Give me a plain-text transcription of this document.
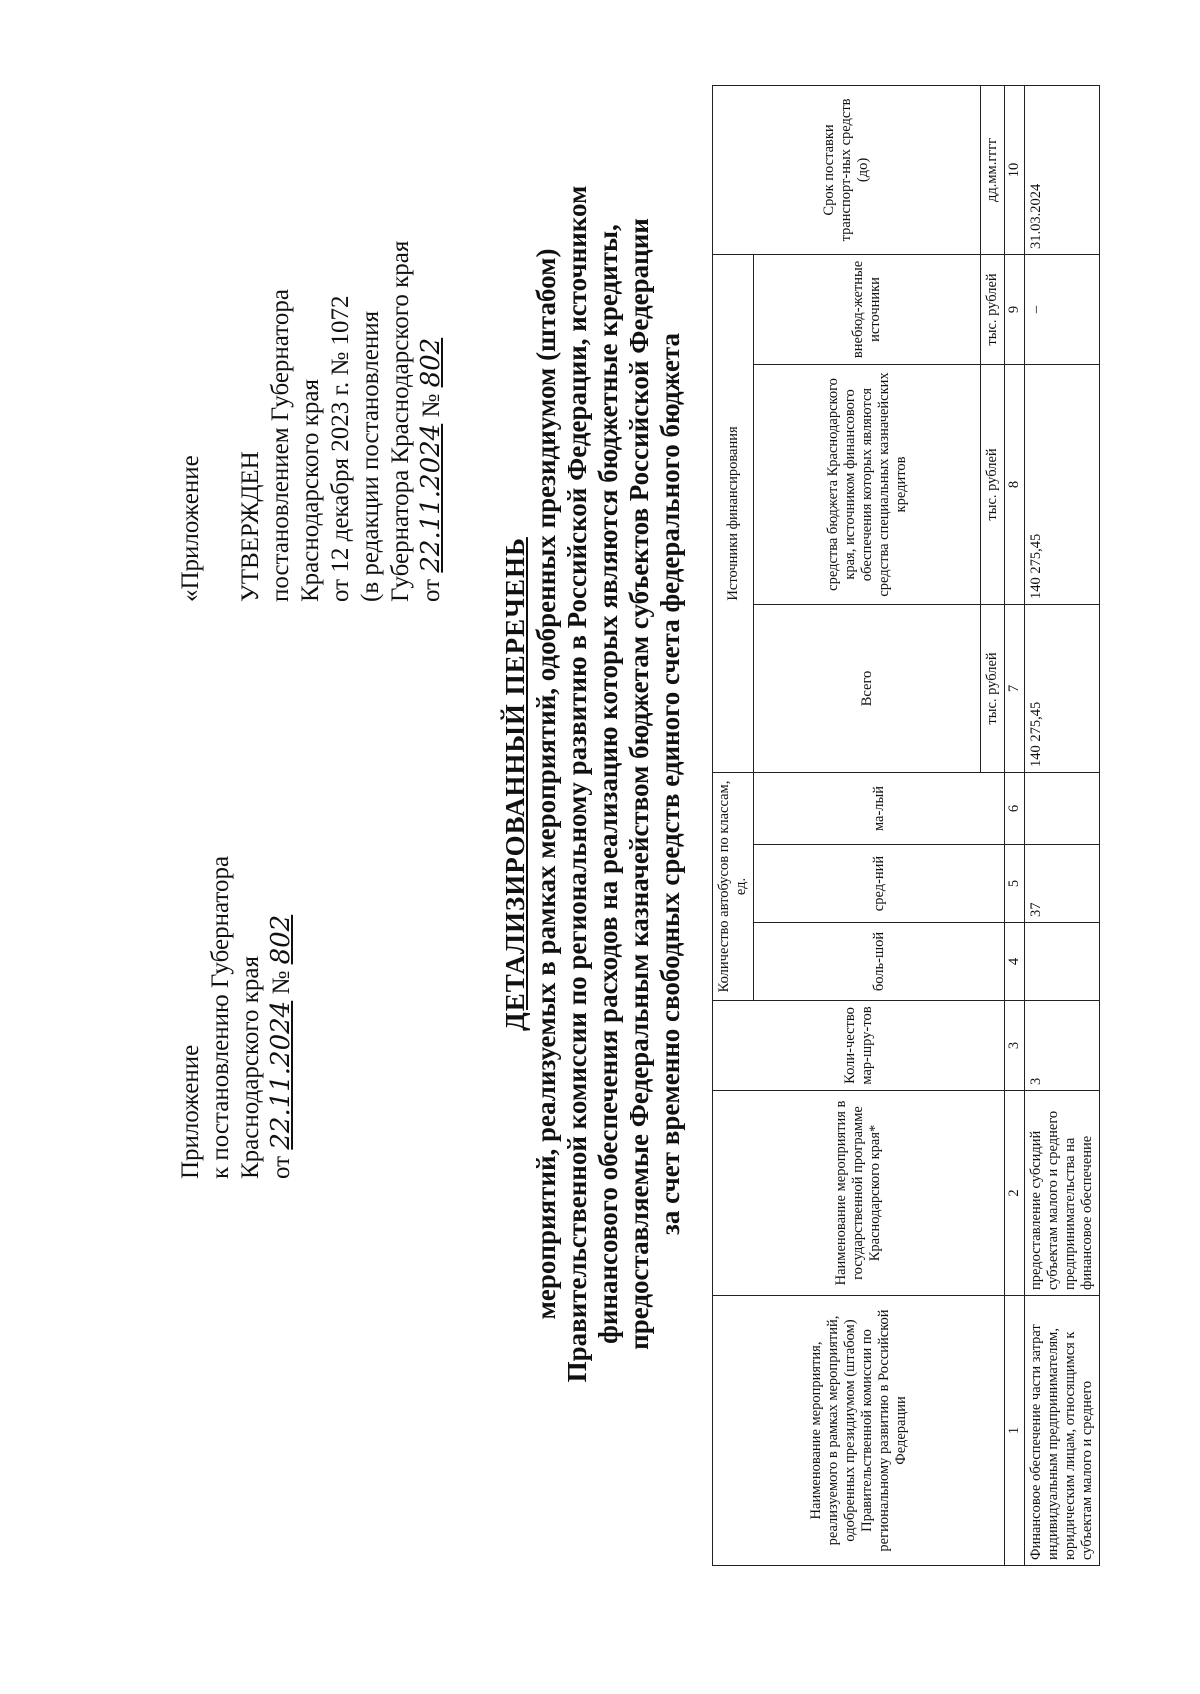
Приложение к постановлению Губернатора Краснодарского края от 22.11.2024 № 802
«Приложение УТВЕРЖДЕН постановлением Губернатора Краснодарского края от 12 декабря 2023 г. № 1072 (в редакции постановления Губернатора Краснодарского края от 22.11.2024 № 802
ДЕТАЛИЗИРОВАННЫЙ ПЕРЕЧЕНЬ мероприятий, реализуемых в рамках мероприятий, одобренных президиумом (штабом) Правительственной комиссии по региональному развитию в Российской Федерации, источником финансового обеспечения расходов на реализацию которых являются бюджетные кредиты, предоставляемые Федеральным казначейством бюджетам субъектов Российской Федерации за счет временно свободных средств единого счета федерального бюджета
Наименование мероприятия, реализуемого в рамках мероприятий, одобренных президиумом (штабом) Правительственной комиссии по региональному развитию в Российской Федерации	Наименование мероприятия в государственной программе Краснодарского края*	Коли-чество мар-шру-тов	Количество автобусов по классам, ед.			Источники финансирования			Срок поставки транспорт-ных средств (до)
			боль-шой	сред-ний	ма-лый	Всего	средства бюджета Краснодарского края, источником финансового обеспечения которых являются средства специальных казначейских кредитов	внебюд-жетные источники	
						тыс. рублей	тыс. рублей	тыс. рублей	дд.мм.гггг
1	2	3	4	5	6	7	8	9	10
Финансовое обеспечение части затрат индивидуальным предпринимателям, юридическим лицам, относящимся к субъектам малого и среднего	предоставление субсидий субъектам малого и среднего предпринимательства на финансовое обеспечение	3		37		140 275,45	140 275,45	–	31.03.2024
